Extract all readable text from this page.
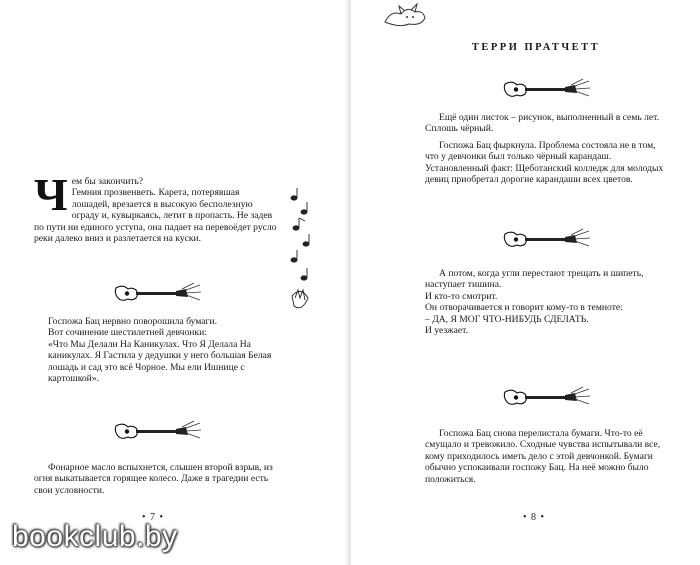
Ч ем бы закончить?
Гемния прозвенветь. Карета, потерявшая лошадей, врезается в высокую бесполезную ограду и, кувыркаясь, летит в пропасть. Не задев по пути ни единого уступа, она падает на перевоёдет русло реки далеко вниз и разлетается на куски.

Госпожа Бац нервно поворошила бумаги.

Вот сочинение шестилетней девчонки:

«Что Мы Делали На Каникулах. Что Я Делала На каникулах. Я Гастила у дедушки у него большая Белая лошадь и сад это всё Чорное. Мы ели Ишнице с картошкой».

Фонарное масло вспыхнется, слышен второй взрыв, из огня выкатывается горящее колесо. Даже в трагедии есть свои условности.
• 7 •
ТЕРРИ ПРАТЧЕТТ
Ещё один листок – рисунок, выполненный в семь лет. Сплошь чёрный.
Госпожа Бац фыркнула. Проблема состояла не в том, что у девчонки был только чёрный карандаш. Установленный факт: Щеботанский колледж для молодых девиц приобретал дорогие карандаши всех цветов.

А потом, когда угли перестают трещать и шипеть, наступает тишина.

И кто-то смотрит.

Он отворачивается и говорит кому-то в темноте:

– ДА, Я МОГ ЧТО-НИБУДЬ СДЕЛАТЬ.

И уезжает.

Госпожа Бац снова перелистала бумаги. Что-то её смущало и тревожило. Сходные чувства испытывали все, кому приходилось иметь дело с этой девчонкой. Бумаги обычно успокаивали госпожу Бац. На неё можно было положиться.
• 8 •
bookclub.by
